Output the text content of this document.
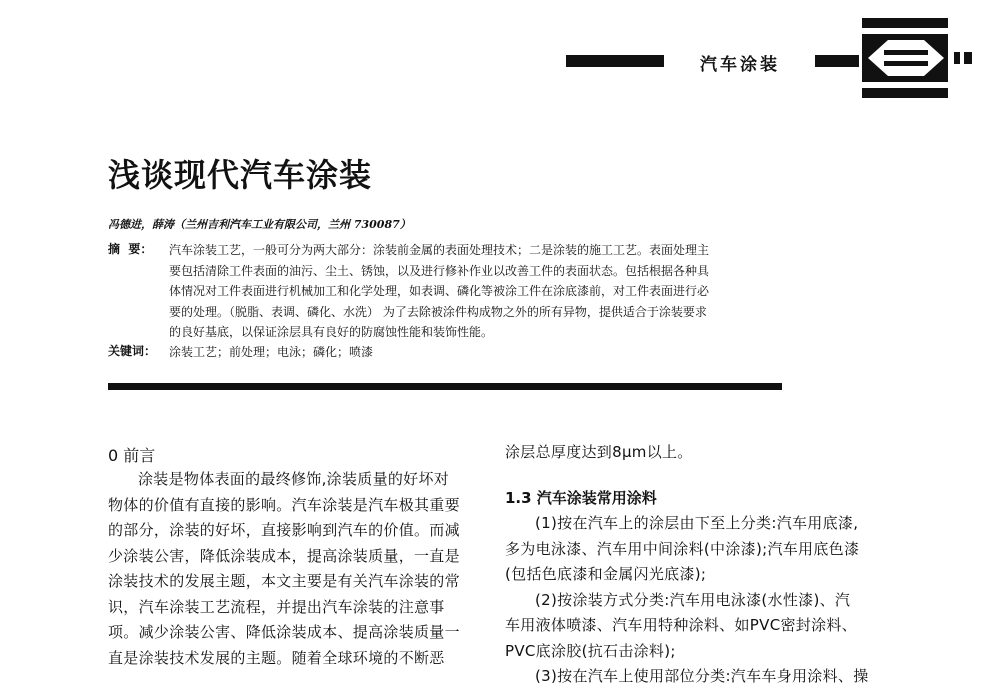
汽车涂装
浅谈现代汽车涂装
冯德进，薛涛（兰州吉利汽车工业有限公司，兰州 730087）
摘  要： 汽车涂装工艺，一般可分为两大部分：涂装前金属的表面处理技术；二是涂装的施工工艺。表面处理主
要包括清除工件表面的油污、尘土、锈蚀，以及进行修补作业以改善工件的表面状态。包括根据各种具
体情况对工件表面进行机械加工和化学处理，如表调、磷化等被涂工件在涂底漆前，对工件表面进行必
要的处理。（脱脂、表调、磷化、水洗） 为了去除被涂件构成物之外的所有异物，提供适合于涂装要求
的良好基底，以保证涂层具有良好的防腐蚀性能和装饰性能。
关键词： 涂装工艺；前处理；电泳；磷化；喷漆
0 前言

涂装是物体表面的最终修饰,涂装质量的好坏对

物体的价值有直接的影响。汽车涂装是汽车极其重要

的部分，涂装的好坏，直接影响到汽车的价值。而减

少涂装公害，降低涂装成本，提高涂装质量，一直是

涂装技术的发展主题，本文主要是有关汽车涂装的常

识，汽车涂装工艺流程，并提出汽车涂装的注意事

项。减少涂装公害、降低涂装成本、提高涂装质量一

直是涂装技术发展的主题。随着全球环境的不断恶

涂层总厚度达到8μm以上。
1.3 汽车涂装常用涂料

(1)按在汽车上的涂层由下至上分类:汽车用底漆,

多为电泳漆、汽车用中间涂料(中涂漆);汽车用底色漆

(包括色底漆和金属闪光底漆);

(2)按涂装方式分类:汽车用电泳漆(水性漆)、汽

车用液体喷漆、汽车用特种涂料、如PVC密封涂料、

PVC底涂胶(抗石击涂料);

(3)按在汽车上使用部位分类:汽车车身用涂料、操
